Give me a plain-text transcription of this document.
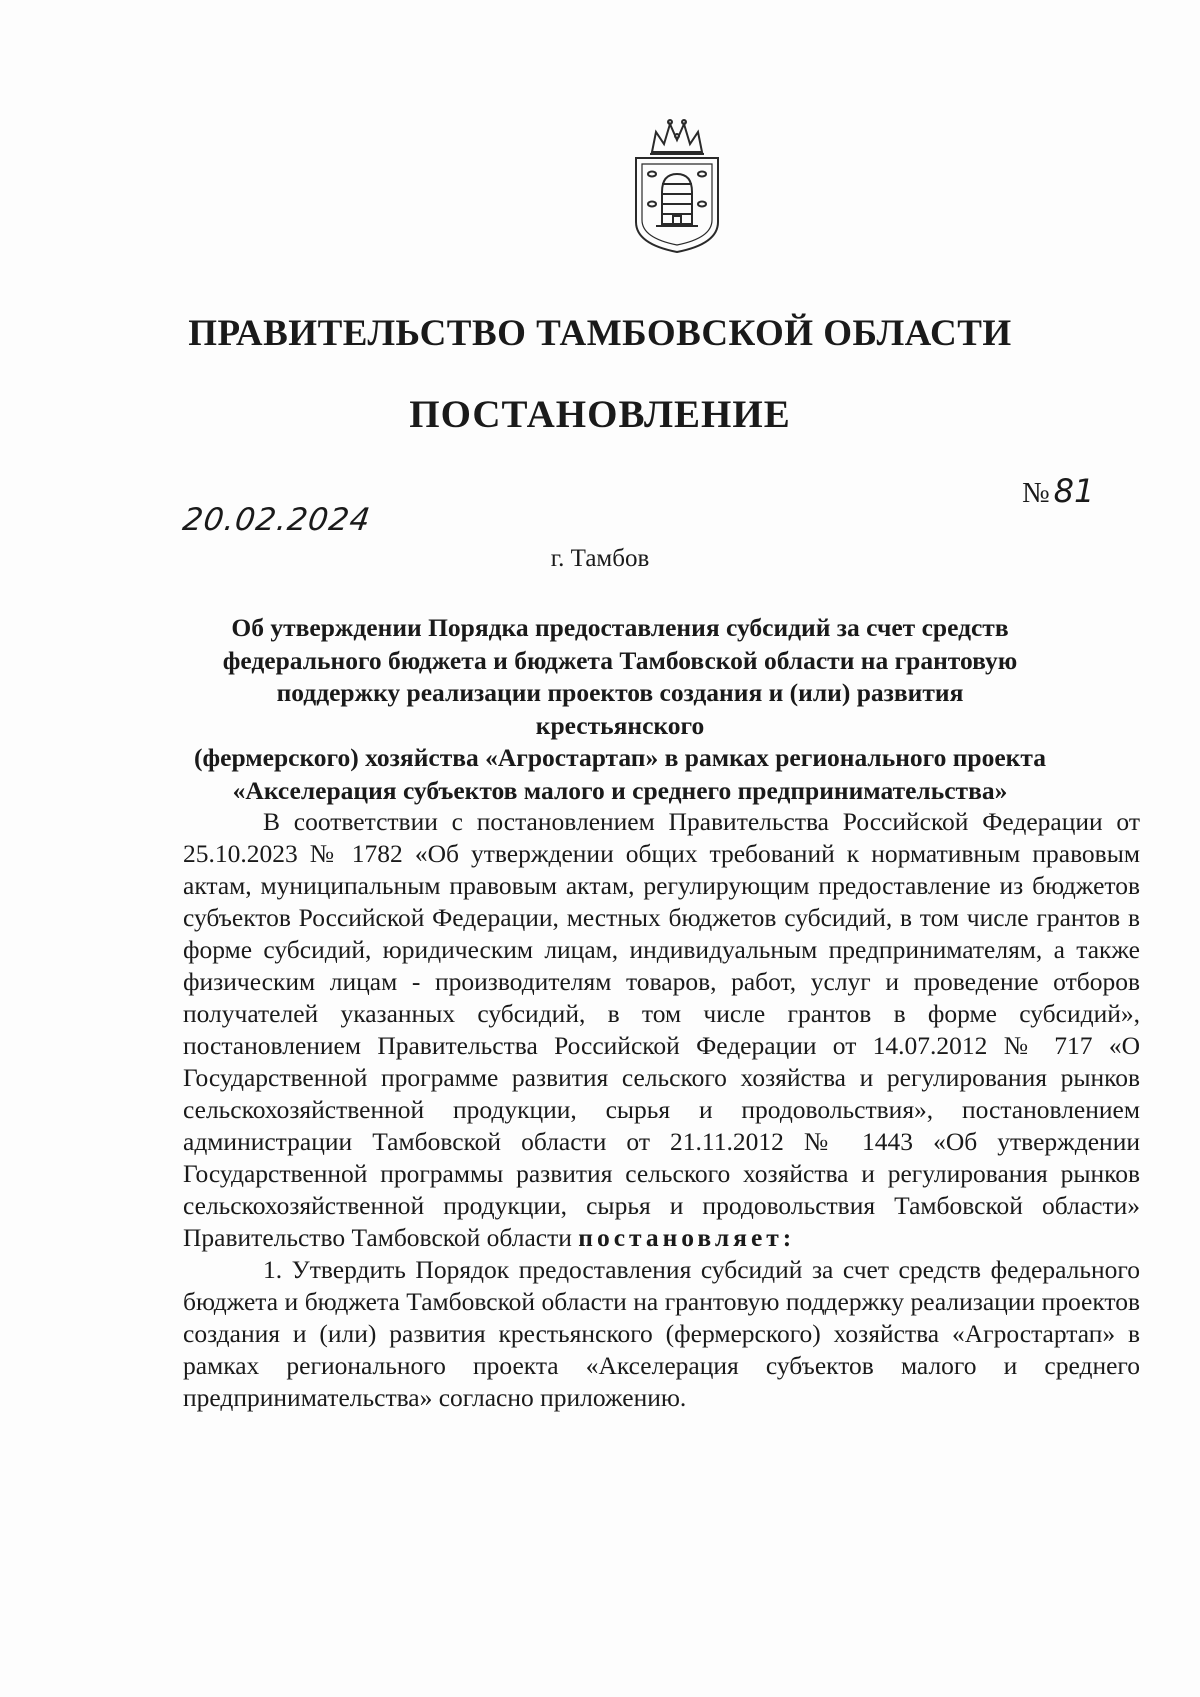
ПРАВИТЕЛЬСТВО ТАМБОВСКОЙ ОБЛАСТИ
ПОСТАНОВЛЕНИЕ
20.02.2024
№ 81
г. Тамбов
Об утверждении Порядка предоставления субсидий за счет средств
федерального бюджета и бюджета Тамбовской области на грантовую
поддержку реализации проектов создания и (или) развития крестьянского
(фермерского) хозяйства «Агростартап» в рамках регионального проекта
«Акселерация субъектов малого и среднего предпринимательства»

В соответствии с постановлением Правительства Российской Федерации от 25.10.2023 № 1782 «Об утверждении общих требований к нормативным правовым актам, муниципальным правовым актам, регулирующим предоставление из бюджетов субъектов Российской Федерации, местных бюджетов субсидий, в том числе грантов в форме субсидий, юридическим лицам, индивидуальным предпринимателям, а также физическим лицам - производителям товаров, работ, услуг и проведение отборов получателей указанных субсидий, в том числе грантов в форме субсидий», постановлением Правительства Российской Федерации от 14.07.2012 № 717 «О Государственной программе развития сельского хозяйства и регулирования рынков сельскохозяйственной продукции, сырья и продовольствия», постановлением администрации Тамбовской области от 21.11.2012 № 1443 «Об утверждении Государственной программы развития сельского хозяйства и регулирования рынков сельскохозяйственной продукции, сырья и продовольствия Тамбовской области» Правительство Тамбовской области постановляет:

1. Утвердить Порядок предоставления субсидий за счет средств федерального бюджета и бюджета Тамбовской области на грантовую поддержку реализации проектов создания и (или) развития крестьянского (фермерского) хозяйства «Агростартап» в рамках регионального проекта «Акселерация субъектов малого и среднего предпринимательства» согласно приложению.
